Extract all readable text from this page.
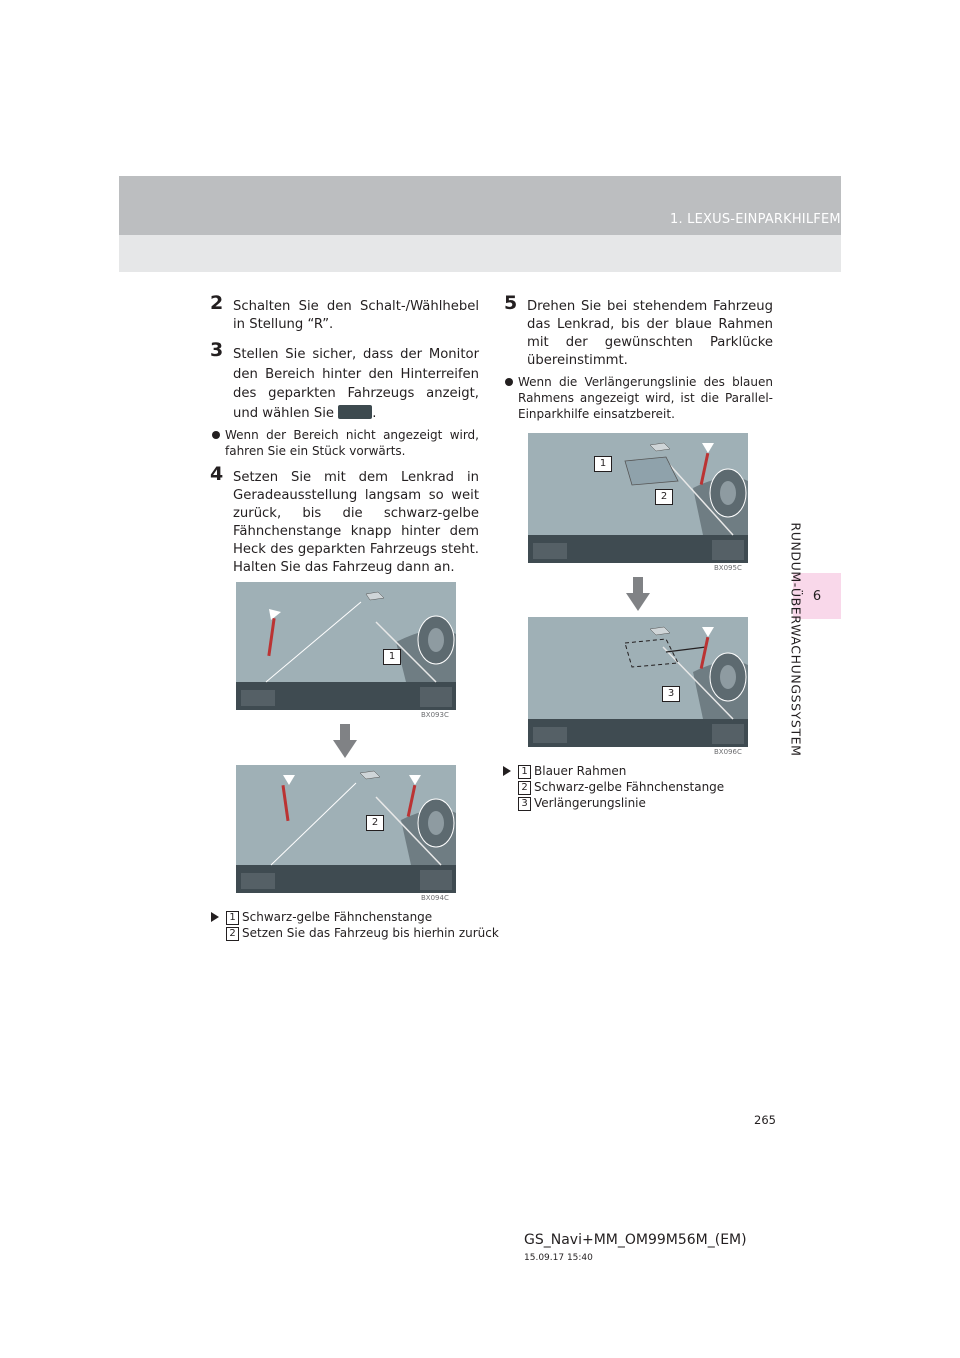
1. LEXUS-EINPARKHILFEMONITOR
6
RUNDUM-ÜBERWACHUNGSSYSTEM
2 Schalten Sie den Schalt-/Wählhebel in Stellung “R”.
3 Stellen Sie sicher, dass der Monitor den Bereich hinter den Hinterreifen des geparkten Fahrzeugs anzeigt, und wählen Sie	.
Wenn der Bereich nicht angezeigt wird, fahren Sie ein Stück vorwärts.
4 Setzen Sie mit dem Lenkrad in Geradeausstellung langsam so weit zurück, bis die schwarz-gelbe Fähnchenstange knapp hinter dem Heck des geparkten Fahrzeugs steht. Halten Sie das Fahrzeug dann an.
1
BX093C
2
BX094C
1 Schwarz-gelbe Fähnchenstange
2 Setzen Sie das Fahrzeug bis hierhin zurück
5 Drehen Sie bei stehendem Fahrzeug das Lenkrad, bis der blaue Rahmen mit der gewünschten Parklücke übereinstimmt.
Wenn die Verlängerungslinie des blauen Rahmens angezeigt wird, ist die Parallel-Einparkhilfe einsatzbereit.
1
2
BX095C
3
BX096C
1 Blauer Rahmen
2 Schwarz-gelbe Fähnchenstange
3 Verlängerungslinie
265
GS_Navi+MM_OM99M56M_(EM)
15.09.17 15:40
